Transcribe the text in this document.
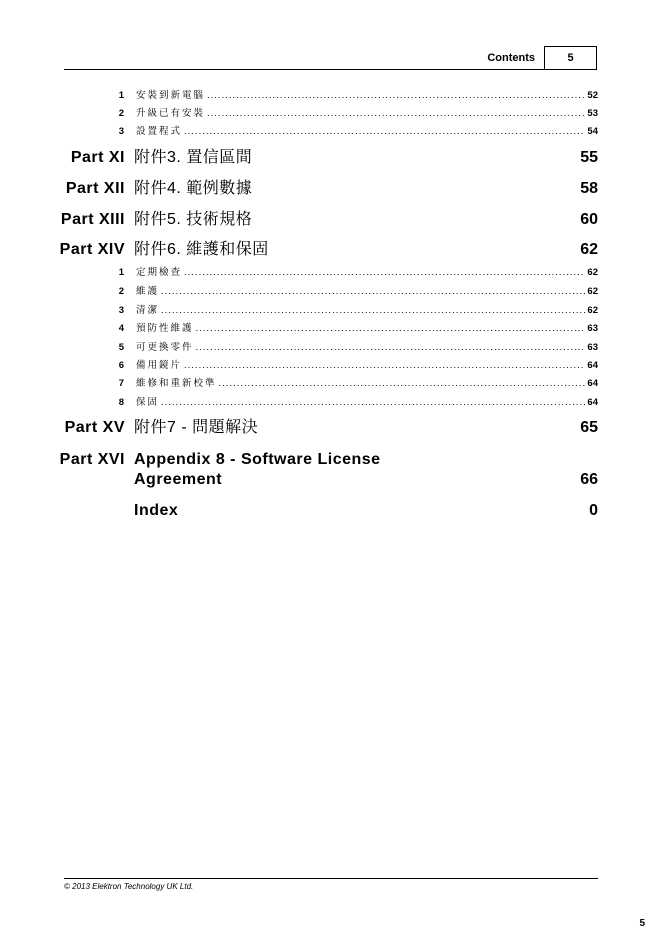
Contents	5
1 安裝到新電腦 .....	52
2 升級已有安裝 .....	53
3 設置程式 .....	54
Part XI 附件3. 置信區間	55
Part XII 附件4. 範例數據	58
Part XIII 附件5. 技術規格	60
Part XIV 附件6. 維護和保固	62
1 定期檢查 .....	62
2 維護 .....	62
3 清潔 .....	62
4 預防性維護 .....	63
5 可更換零件 .....	63
6 備用鏡片 .....	64
7 維修和重新校準 .....	64
8 保固 .....	64
Part XV 附件7 - 問題解決	65
Part XVI Appendix 8 - Software License
Agreement	66
Index	0
© 2013 Elektron Technology UK Ltd.
5
